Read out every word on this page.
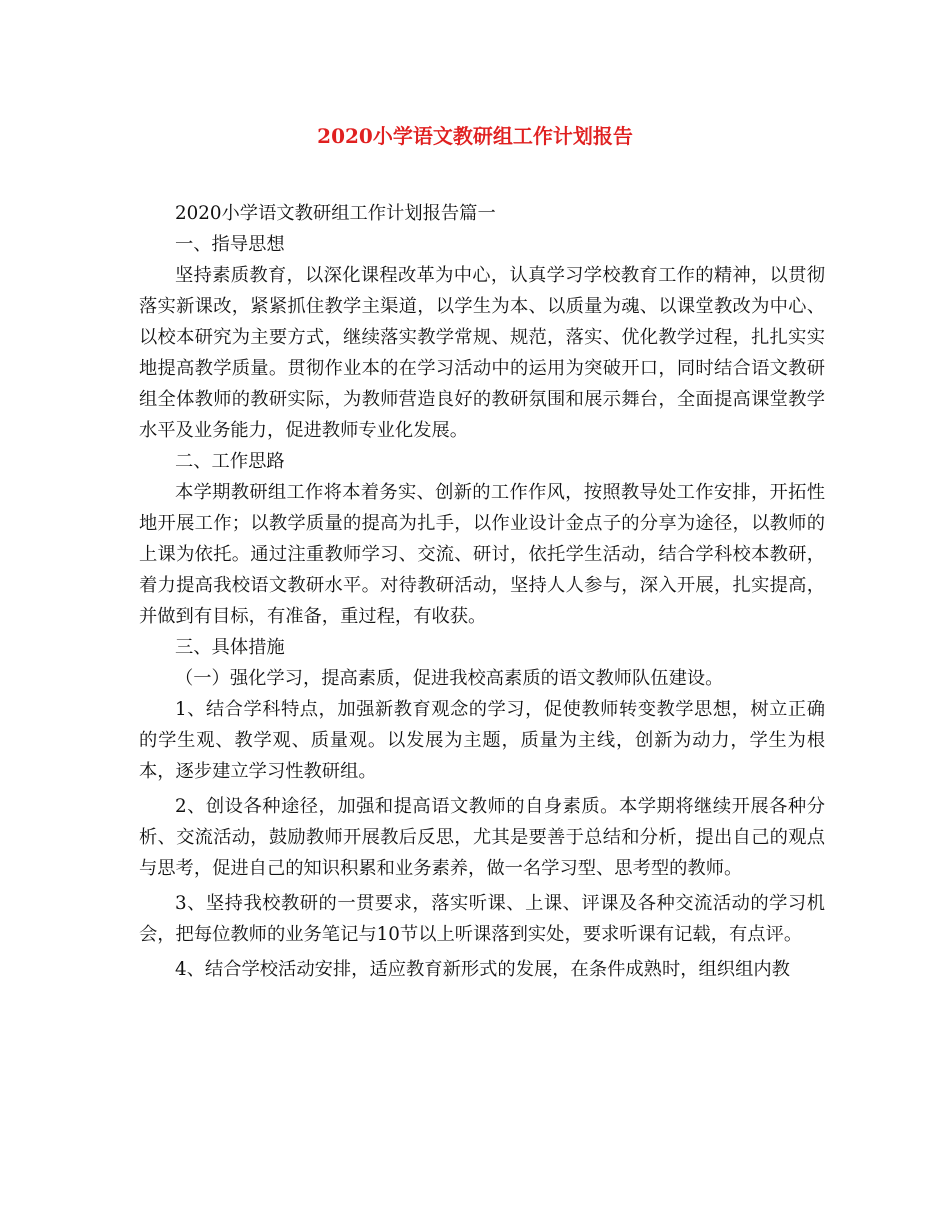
2020小学语文教研组工作计划报告

2020小学语文教研组工作计划报告篇一

一、指导思想

坚持素质教育，以深化课程改革为中心，认真学习学校教育工作的精神，以贯彻落实新课改，紧紧抓住教学主渠道，以学生为本、以质量为魂、以课堂教改为中心、以校本研究为主要方式，继续落实教学常规、规范，落实、优化教学过程，扎扎实实地提高教学质量。贯彻作业本的在学习活动中的运用为突破开口，同时结合语文教研组全体教师的教研实际，为教师营造良好的教研氛围和展示舞台，全面提高课堂教学水平及业务能力，促进教师专业化发展。

二、工作思路

本学期教研组工作将本着务实、创新的工作作风，按照教导处工作安排，开拓性地开展工作；以教学质量的提高为扎手，以作业设计金点子的分享为途径，以教师的上课为依托。通过注重教师学习、交流、研讨，依托学生活动，结合学科校本教研，着力提高我校语文教研水平。对待教研活动，坚持人人参与，深入开展，扎实提高，并做到有目标，有准备，重过程，有收获。

三、具体措施

（一）强化学习，提高素质，促进我校高素质的语文教师队伍建设。

1、结合学科特点，加强新教育观念的学习，促使教师转变教学思想，树立正确的学生观、教学观、质量观。以发展为主题，质量为主线，创新为动力，学生为根本，逐步建立学习性教研组。

2、创设各种途径，加强和提高语文教师的自身素质。本学期将继续开展各种分析、交流活动，鼓励教师开展教后反思，尤其是要善于总结和分析，提出自己的观点与思考，促进自己的知识积累和业务素养，做一名学习型、思考型的教师。

3、坚持我校教研的一贯要求，落实听课、上课、评课及各种交流活动的学习机会，把每位教师的业务笔记与10节以上听课落到实处，要求听课有记载，有点评。

4、结合学校活动安排，适应教育新形式的发展，在条件成熟时，组织组内教
